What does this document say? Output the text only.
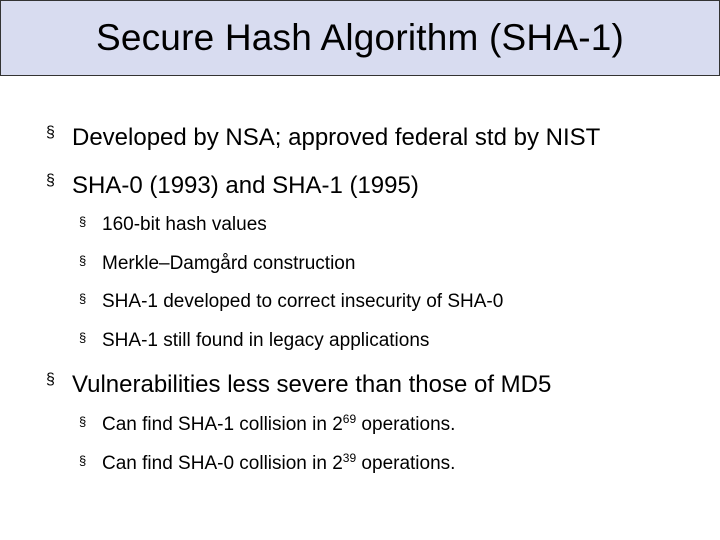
Secure Hash Algorithm (SHA-1)
§ Developed by NSA; approved federal std by NIST
§ SHA-0 (1993) and SHA-1 (1995)
§ 160-bit hash values
§ Merkle–Damgård construction
§ SHA-1 developed to correct insecurity of SHA-0
§ SHA-1 still found in legacy applications
§ Vulnerabilities less severe than those of MD5
§ Can find SHA-1 collision in $2^{69}$ operations.
§ Can find SHA-0 collision in $2^{39}$ operations.
